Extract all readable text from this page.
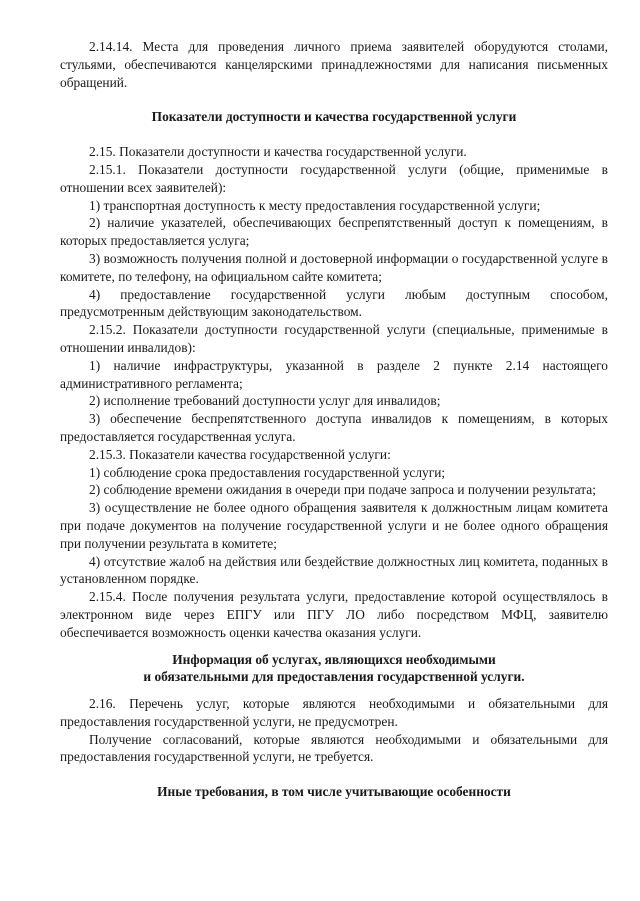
2.14.14. Места для проведения личного приема заявителей оборудуются столами, стульями, обеспечиваются канцелярскими принадлежностями для написания письменных обращений.

Показатели доступности и качества государственной услуги

2.15. Показатели доступности и качества государственной услуги.

2.15.1. Показатели доступности государственной услуги (общие, применимые в отношении всех заявителей):

1) транспортная доступность к месту предоставления государственной услуги;

2) наличие указателей, обеспечивающих беспрепятственный доступ к помещениям, в которых предоставляется услуга;

3) возможность получения полной и достоверной информации о государственной услуге в комитете, по телефону, на официальном сайте комитета;

4) предоставление государственной услуги любым доступным способом, предусмотренным действующим законодательством.

2.15.2. Показатели доступности государственной услуги (специальные, применимые в отношении инвалидов):

1) наличие инфраструктуры, указанной в разделе 2 пункте 2.14 настоящего административного регламента;

2) исполнение требований доступности услуг для инвалидов;

3) обеспечение беспрепятственного доступа инвалидов к помещениям, в которых предоставляется государственная услуга.

2.15.3. Показатели качества государственной услуги:

1) соблюдение срока предоставления государственной услуги;

2) соблюдение времени ожидания в очереди при подаче запроса и получении результата;

3) осуществление не более одного обращения заявителя к должностным лицам комитета при подаче документов на получение государственной услуги и не более одного обращения при получении результата в комитете;

4) отсутствие жалоб на действия или бездействие должностных лиц комитета, поданных в установленном порядке.

2.15.4. После получения результата услуги, предоставление которой осуществлялось в электронном виде через ЕПГУ или ПГУ ЛО либо посредством МФЦ, заявителю обеспечивается возможность оценки качества оказания услуги.

Информация об услугах, являющихся необходимыми
и обязательными для предоставления государственной услуги.

2.16. Перечень услуг, которые являются необходимыми и обязательными для предоставления государственной услуги, не предусмотрен.

Получение согласований, которые являются необходимыми и обязательными для предоставления государственной услуги, не требуется.

Иные требования, в том числе учитывающие особенности
